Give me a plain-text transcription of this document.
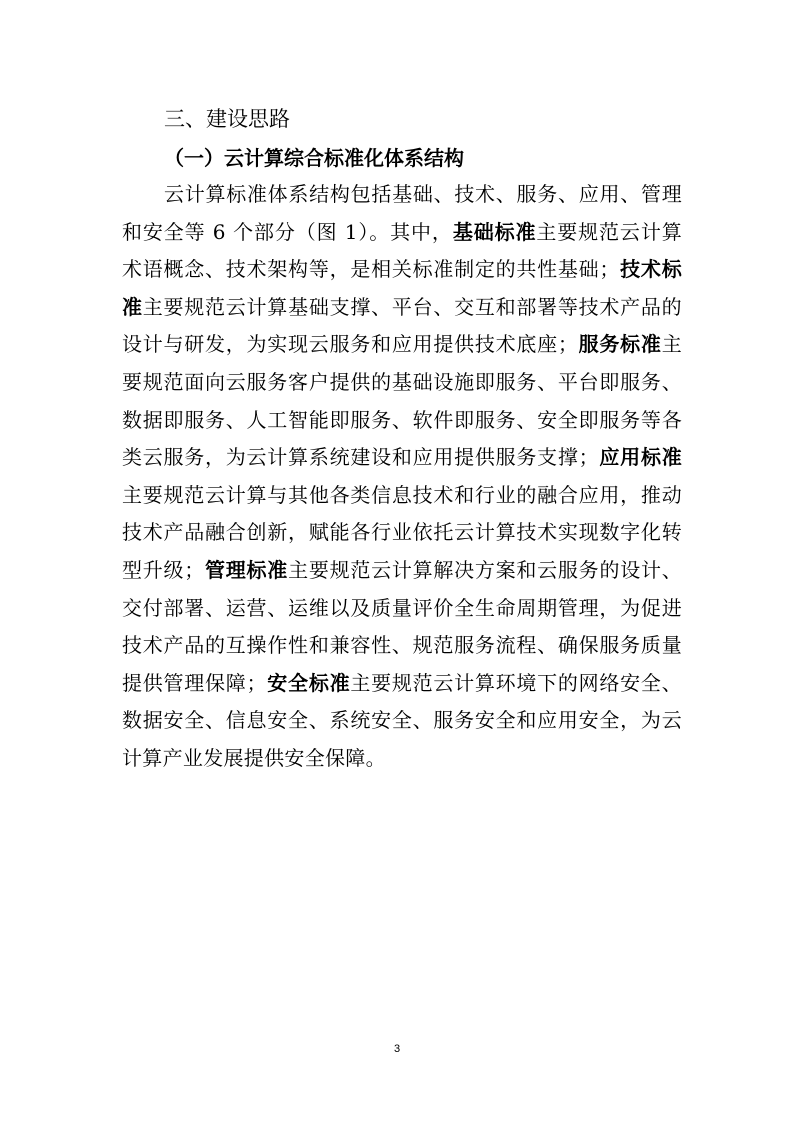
三、建设思路
（一）云计算综合标准化体系结构

云计算标准体系结构包括基础、技术、服务、应用、管理和安全等 6 个部分（图 1）。其中，基础标准主要规范云计算术语概念、技术架构等，是相关标准制定的共性基础；技术标准主要规范云计算基础支撑、平台、交互和部署等技术产品的设计与研发，为实现云服务和应用提供技术底座；服务标准主要规范面向云服务客户提供的基础设施即服务、平台即服务、数据即服务、人工智能即服务、软件即服务、安全即服务等各类云服务，为云计算系统建设和应用提供服务支撑；应用标准主要规范云计算与其他各类信息技术和行业的融合应用，推动技术产品融合创新，赋能各行业依托云计算技术实现数字化转型升级；管理标准主要规范云计算解决方案和云服务的设计、交付部署、运营、运维以及质量评价全生命周期管理，为促进技术产品的互操作性和兼容性、规范服务流程、确保服务质量提供管理保障；安全标准主要规范云计算环境下的网络安全、数据安全、信息安全、系统安全、服务安全和应用安全，为云计算产业发展提供安全保障。

3
